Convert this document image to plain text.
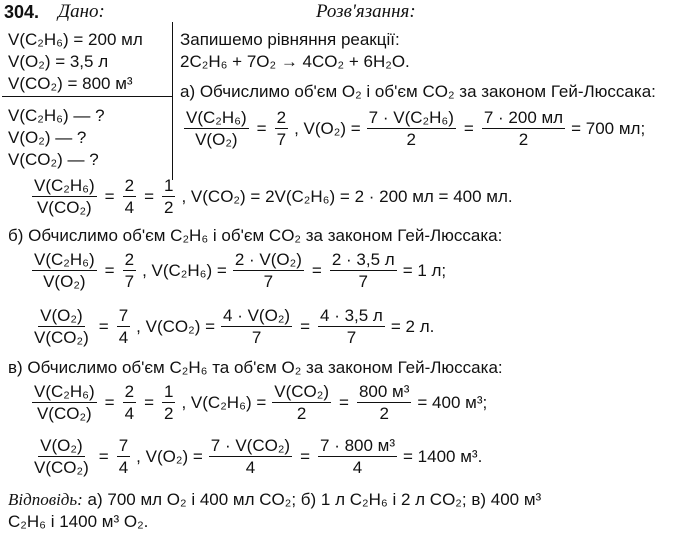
304. Дано:	Розв'язання:
V(C₂H₆) = 200 мл
V(O₂) = 3,5 л
V(CO₂) = 800 м³
V(C₂H₆) — ?
V(O₂) — ?
V(CO₂) — ?
Запишемо рівняння реакції:
2C₂H₆ + 7O₂ → 4CO₂ + 6H₂O.
а) Обчислимо об'єм O₂ і об'єм CO₂ за законом Гей-Люссака:
$\frac{\text{V(C₂H₆)}}{\text{V(O₂)}} = \frac{2}{7}$ , $V(O_2) = \frac{\text{7 · V(C₂H₆)}}{2} = \frac{7 \cdot 200 мл}{2} = 700$ мл;
$\frac{\text{V(C₂H₆)}}{\text{V(CO₂)}} = \frac{2}{4} = \frac{1}{2}$ , V(CO₂) = 2V(C₂H₆) = 2 · 200 мл = 400 мл.
б) Обчислимо об'єм C₂H₆ і об'єм CO₂ за законом Гей-Люссака:
$\frac{\text{V(C₂H₆)}}{\text{V(O₂)}} = \frac{2}{7}$ , $V(C_2H_6) = \frac{\text{2 · V(O₂)}}{7} = \frac{2 \cdot 3,5 л}{7} = 1$ л;
$\frac{\text{V(O₂)}}{\text{V(CO₂)}} = \frac{7}{4}$ , $V(CO_2) = \frac{\text{4 · V(O₂)}}{7} = \frac{4 \cdot 3,5 л}{7} = 2$ л.
в) Обчислимо об'єм C₂H₆ та об'єм O₂ за законом Гей-Люссака:
$\frac{\text{V(C₂H₆)}}{\text{V(CO₂)}} = \frac{2}{4} = \frac{1}{2}$ , $V(C_2H_6) = \frac{\text{V(CO₂)}}{2} = \frac{\text{800 м³}}{2} = 400$ м³;
$\frac{\text{V(O₂)}}{\text{V(CO₂)}} = \frac{7}{4}$ , $V(O_2) = \frac{\text{7 · V(CO₂)}}{4} = \frac{\text{7 · 800 м³}}{4} = 1400$ м³.
Відповідь: а) 700 мл O₂ і 400 мл CO₂; б) 1 л C₂H₆ і 2 л CO₂; в) 400 м³
C₂H₆ і 1400 м³ O₂.
